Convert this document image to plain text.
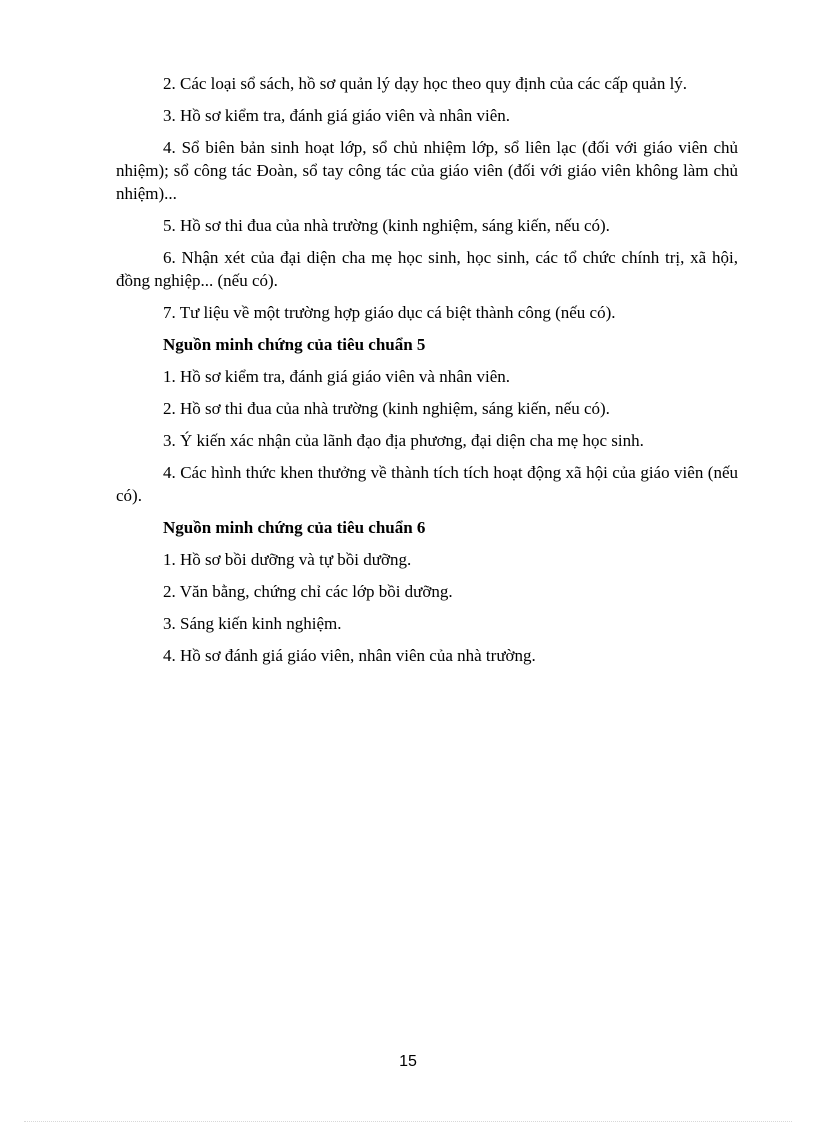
2. Các loại sổ sách, hồ sơ quản lý dạy học theo quy định của các cấp quản lý.

3. Hồ sơ kiểm tra, đánh giá giáo viên và nhân viên.

4. Sổ biên bản sinh hoạt lớp, sổ chủ nhiệm lớp, sổ liên lạc (đối với giáo viên chủ nhiệm); sổ công tác Đoàn, sổ tay công tác của giáo viên (đối với giáo viên không làm chủ nhiệm)...

5. Hồ sơ thi đua của nhà trường (kinh nghiệm, sáng kiến, nếu có).

6. Nhận xét của đại diện cha mẹ học sinh, học sinh, các tổ chức chính trị, xã hội, đồng nghiệp... (nếu có).

7. Tư liệu về một trường hợp giáo dục cá biệt thành công (nếu có).

Nguồn minh chứng của tiêu chuẩn 5

1. Hồ sơ kiểm tra, đánh giá giáo viên và nhân viên.

2. Hồ sơ thi đua của nhà trường (kinh nghiệm, sáng kiến, nếu có).

3. Ý kiến xác nhận của lãnh đạo địa phương, đại diện cha mẹ học sinh.

4. Các hình thức khen thưởng về thành tích tích hoạt động xã hội của giáo viên (nếu có).

Nguồn minh chứng của tiêu chuẩn 6

1. Hồ sơ bồi dưỡng và tự bồi dưỡng.

2. Văn bằng, chứng chỉ các lớp bồi dưỡng.

3. Sáng kiến kinh nghiệm.

4. Hồ sơ đánh giá giáo viên, nhân viên của nhà trường.

15
